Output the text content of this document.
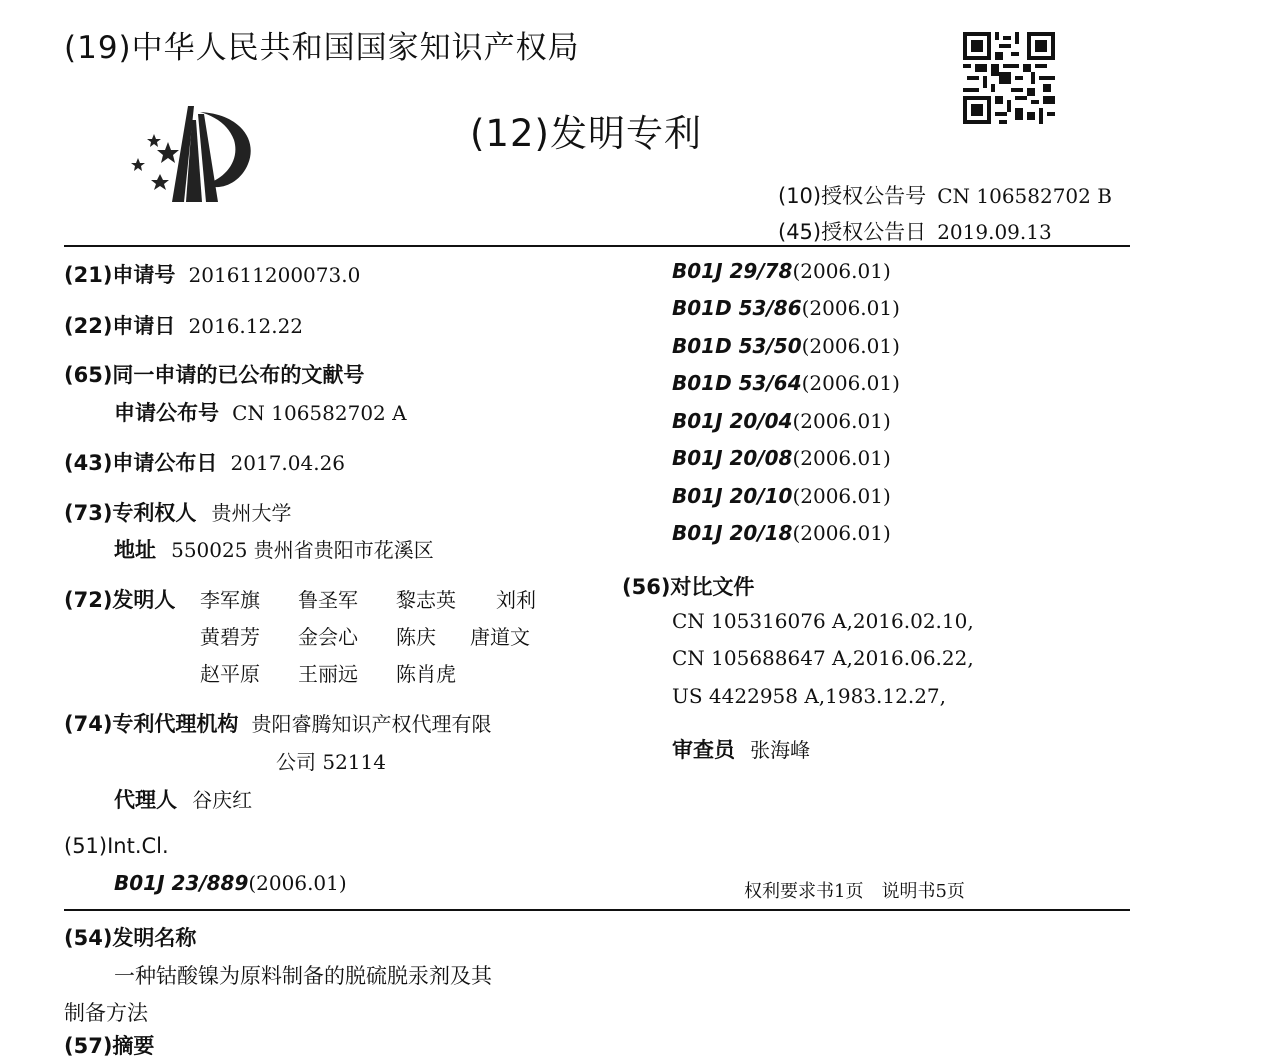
(19)中华人民共和国国家知识产权局
(12)发明专利
(10)授权公告号 CN 106582702 B
(45)授权公告日 2019.09.13
(21)申请号 201611200073.0
(22)申请日 2016.12.22
(65)同一申请的已公布的文献号
申请公布号 CN 106582702 A
(43)申请公布日 2017.04.26
(73)专利权人 贵州大学
地址 550025 贵州省贵阳市花溪区
(72)发明人 李军旗 鲁圣军 黎志英 刘利
黄碧芳 金会心 陈庆 唐道文
赵平原 王丽远 陈肖虎
(74)专利代理机构 贵阳睿腾知识产权代理有限
公司 52114
代理人 谷庆红
(51)Int.Cl.
B01J 23/889(2006.01)
B01J 29/78(2006.01)
B01D 53/86(2006.01)
B01D 53/50(2006.01)
B01D 53/64(2006.01)
B01J 20/04(2006.01)
B01J 20/08(2006.01)
B01J 20/10(2006.01)
B01J 20/18(2006.01)
(56)对比文件
CN 105316076 A,2016.02.10,
CN 105688647 A,2016.06.22,
US 4422958 A,1983.12.27,
审查员 张海峰
权利要求书1页　说明书5页
(54)发明名称
一种钴酸镍为原料制备的脱硫脱汞剂及其
制备方法
(57)摘要
